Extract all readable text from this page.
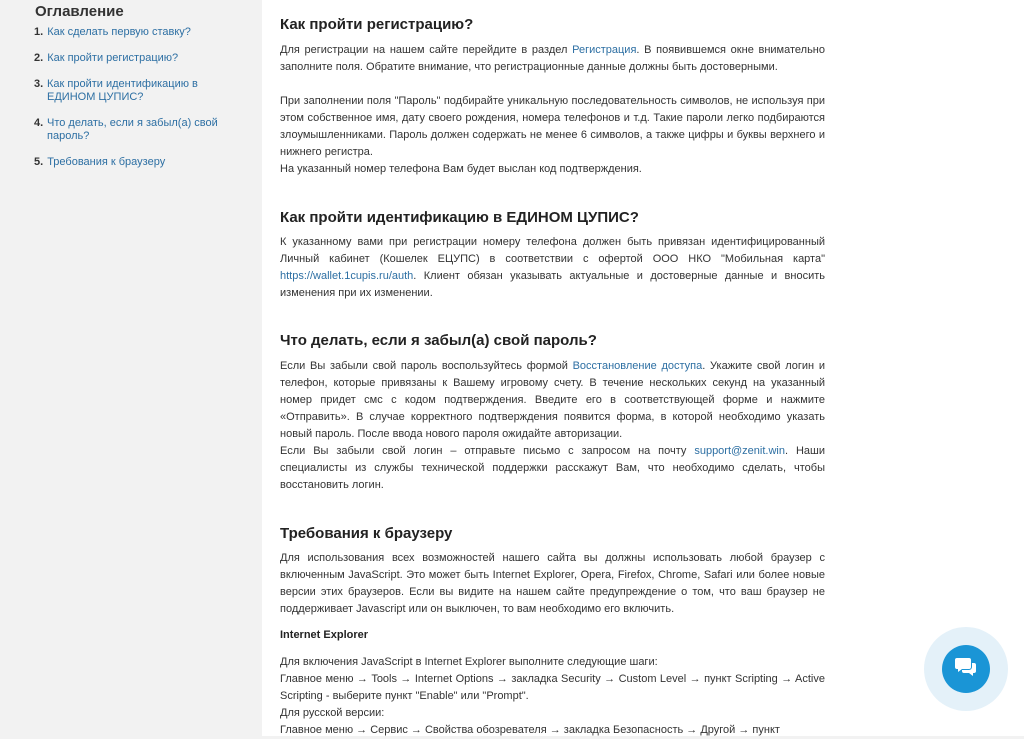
Оглавление
1. Как сделать первую ставку?
2. Как пройти регистрацию?
3. Как пройти идентификацию в ЕДИНОМ ЦУПИС?
4. Что делать, если я забыл(а) свой пароль?
5. Требования к браузеру
Как пройти регистрацию?

Для регистрации на нашем сайте перейдите в раздел Регистрация. В появившемся окне внимательно заполните поля. Обратите внимание, что регистрационные данные должны быть достоверными.

При заполнении поля "Пароль" подбирайте уникальную последовательность символов, не используя при этом собственное имя, дату своего рождения, номера телефонов и т.д. Такие пароли легко подбираются злоумышленниками. Пароль должен содержать не менее 6 символов, а также цифры и буквы верхнего и нижнего регистра.

На указанный номер телефона Вам будет выслан код подтверждения.

Как пройти идентификацию в ЕДИНОМ ЦУПИС?

К указанному вами при регистрации номеру телефона должен быть привязан идентифицированный Личный кабинет (Кошелек ЕЦУПС) в соответствии с офертой ООО НКО "Мобильная карта" https://wallet.1cupis.ru/auth. Клиент обязан указывать актуальные и достоверные данные и вносить изменения при их изменении.

Что делать, если я забыл(а) свой пароль?

Если Вы забыли свой пароль воспользуйтесь формой Восстановление доступа. Укажите свой логин и телефон, которые привязаны к Вашему игровому счету. В течение нескольких секунд на указанный номер придет смс с кодом подтверждения. Введите его в соответствующей форме и нажмите «Отправить». В случае корректного подтверждения появится форма, в которой необходимо указать новый пароль. После ввода нового пароля ожидайте авторизации.

Если Вы забыли свой логин – отправьте письмо с запросом на почту support@zenit.win. Наши специалисты из службы технической поддержки расскажут Вам, что необходимо сделать, чтобы восстановить логин.

Требования к браузеру

Для использования всех возможностей нашего сайта вы должны использовать любой браузер с включенным JavaScript. Это может быть Internet Explorer, Opera, Firefox, Chrome, Safari или более новые версии этих браузеров. Если вы видите на нашем сайте предупреждение о том, что ваш браузер не поддерживает Javascript или он выключен, то вам необходимо его включить.

Internet Explorer

Для включения JavaScript в Internet Explorer выполните следующие шаги:

Главное меню → Tools → Internet Options → закладка Security → Custom Level → пункт Scripting → Active Scripting - выберите пункт "Enable" или "Prompt".

Для русской версии:

Главное меню → Сервис → Свойства обозревателя → закладка Безопасность → Другой → пункт
